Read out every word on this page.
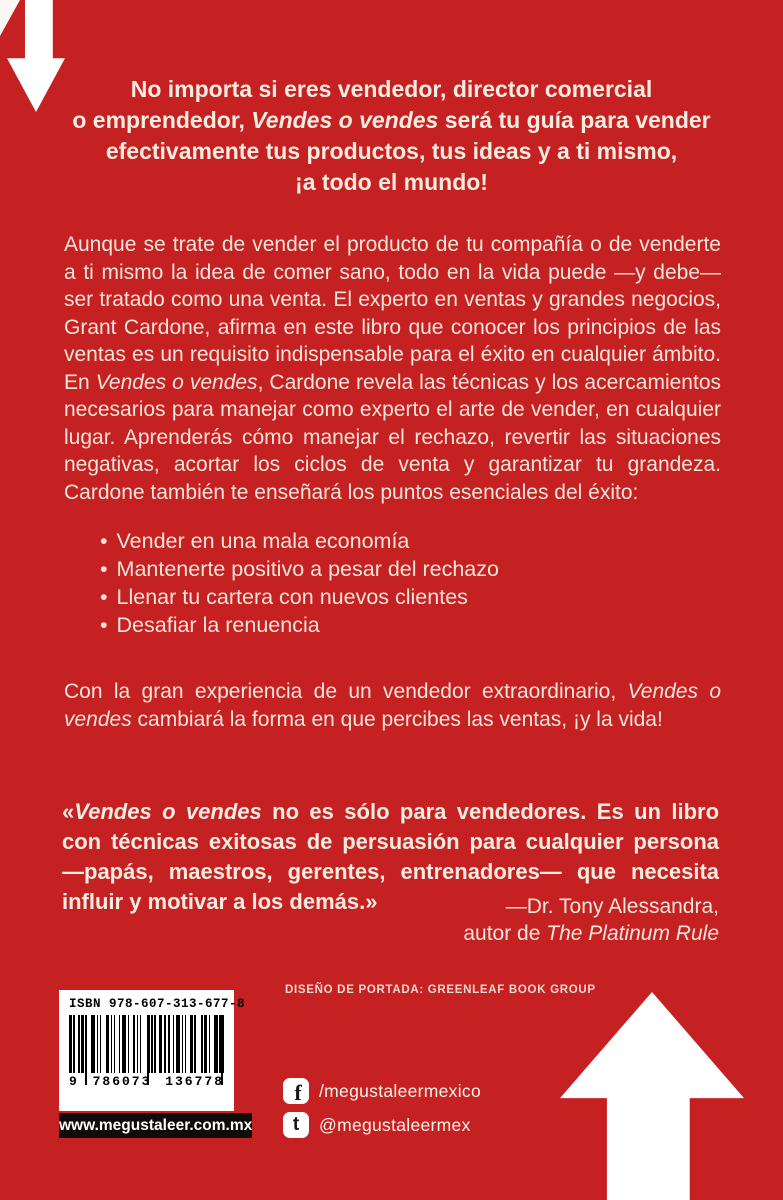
No importa si eres vendedor, director comercial
o emprendedor, Vendes o vendes será tu guía para vender
efectivamente tus productos, tus ideas y a ti mismo,
¡a todo el mundo!
Aunque se trate de vender el producto de tu compañía o de venderte a ti mismo la idea de comer sano, todo en la vida puede —y debe— ser tratado como una venta. El experto en ventas y grandes negocios, Grant Cardone, afirma en este libro que conocer los principios de las ventas es un requisito indispensable para el éxito en cualquier ámbito. En Vendes o vendes, Cardone revela las técnicas y los acercamientos necesarios para manejar como experto el arte de vender, en cualquier lugar. Aprenderás cómo manejar el rechazo, revertir las situaciones negativas, acortar los ciclos de venta y garantizar tu grandeza. Cardone también te enseñará los puntos esenciales del éxito:
• Vender en una mala economía
• Mantenerte positivo a pesar del rechazo
• Llenar tu cartera con nuevos clientes
• Desafiar la renuencia
Con la gran experiencia de un vendedor extraordinario, Vendes o vendes cambiará la forma en que percibes las ventas, ¡y la vida!
«Vendes o vendes no es sólo para vendedores. Es un libro con técnicas exitosas de persuasión para cualquier persona —papás, maestros, gerentes, entrenadores— que necesita influir y motivar a los demás.»	—Dr. Tony Alessandra,
autor de The Platinum Rule
DISEÑO DE PORTADA: GREENLEAF BOOK GROUP
ISBN 978-607-313-677-8
9 786073 136778
www.megustaleer.com.mx
f /megustaleermexico
t	@megustaleermex
